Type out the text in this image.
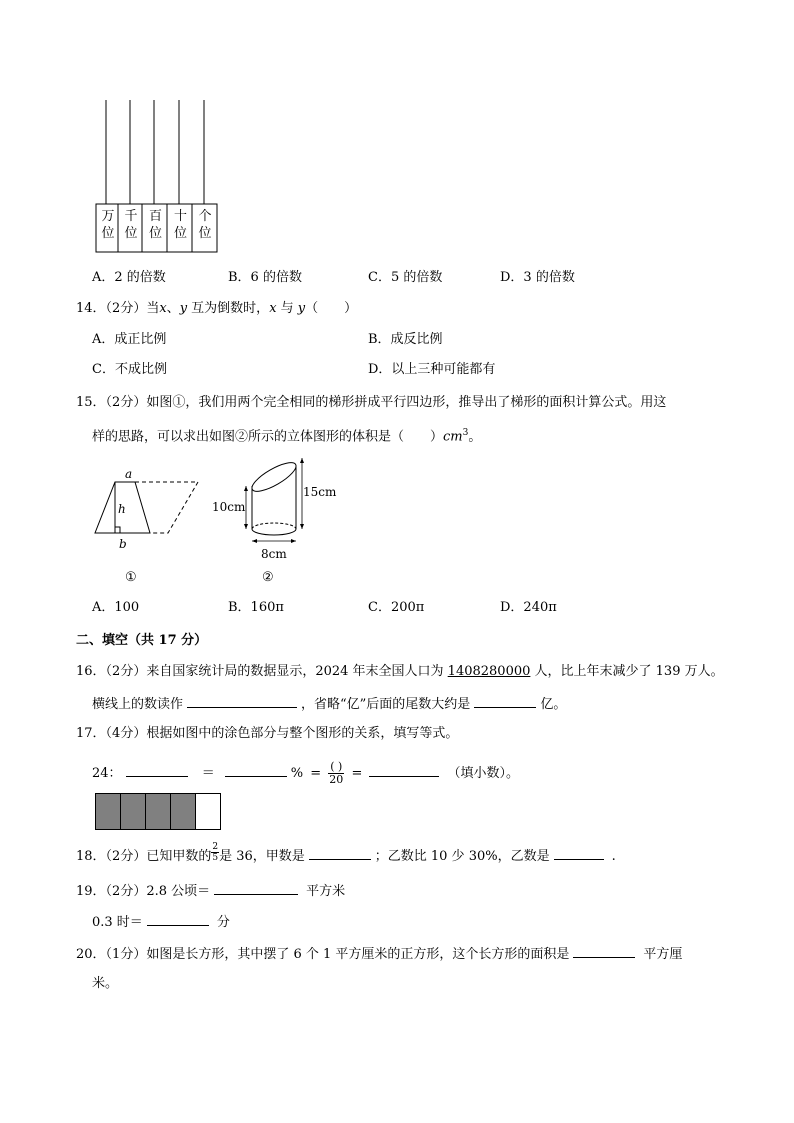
万
位
千
位
百
位
十
位
个
位
A．2 的倍数	B．6 的倍数	C．5 的倍数	D．3 的倍数
14．（2分）当x、y 互为倒数时，x 与 y（　　）
A．成正比例	B．成反比例
C．不成比例	D．以上三种可能都有
15．（2分）如图①，我们用两个完全相同的梯形拼成平行四边形，推导出了梯形的面积计算公式。用这
样的思路，可以求出如图②所示的立体图形的体积是（　　）$cm^3$。
a
h
b
①
10cm
15cm
8cm
②
A．100	B．160π	C．200π	D．240π
二、填空（共 17 分）
16．（2分）来自国家统计局的数据显示，2024 年末全国人口为 1408280000 人，比上年末减少了 139 万人。
横线上的数读作	，省略“亿”后面的尾数大约是	亿。
17．（4分）根据如图中的涂色部分与整个图形的关系，填写等式。
24：	＝	% = $\frac{( )}{20}$ =	（填小数）。
18．（2分）已知甲数的 $\frac{2}{5}$是 36，甲数是	；乙数比 10 少 30%，乙数是	.
19．（2分）2.8 公顷＝	平方米
0.3 时＝	分
20．（1分）如图是长方形，其中摆了 6 个 1 平方厘米的正方形，这个长方形的面积是	平方厘
米。
